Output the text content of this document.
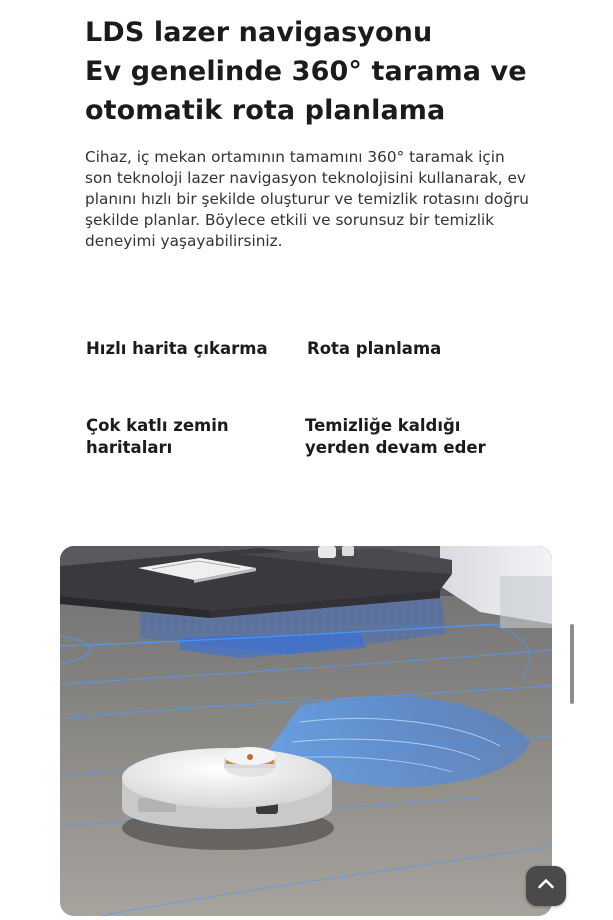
LDS lazer navigasyonu
Ev genelinde 360° tarama ve
otomatik rota planlama

Cihaz, iç mekan ortamının tamamını 360° taramak için son teknoloji lazer navigasyon teknolojisini kullanarak, ev planını hızlı bir şekilde oluşturur ve temizlik rotasını doğru şekilde planlar. Böylece etkili ve sorunsuz bir temizlik deneyimi yaşayabilirsiniz.

Hızlı harita çıkarma Rota planlama
Çok katlı zemin haritaları
Temizliğe kaldığı yerden devam eder
